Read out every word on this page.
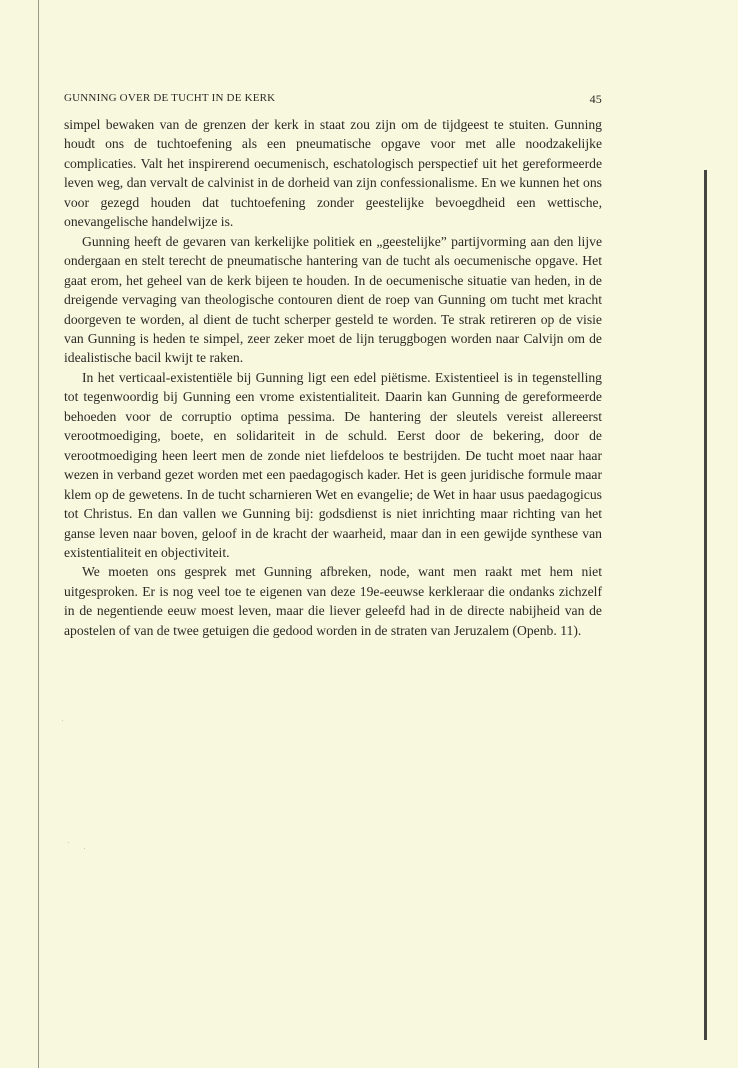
GUNNING OVER DE TUCHT IN DE KERK	45

simpel bewaken van de grenzen der kerk in staat zou zijn om de tijdgeest te stuiten. Gunning houdt ons de tuchtoefening als een pneumatische opgave voor met alle noodzakelijke complicaties. Valt het inspirerend oecumenisch, eschatologisch perspectief uit het gereformeerde leven weg, dan vervalt de calvinist in de dorheid van zijn confessionalisme. En we kunnen het ons voor gezegd houden dat tuchtoefening zonder geestelijke bevoegdheid een wettische, onevangelische handelwijze is.

Gunning heeft de gevaren van kerkelijke politiek en „geestelijke” partijvorming aan den lijve ondergaan en stelt terecht de pneumatische hantering van de tucht als oecumenische opgave. Het gaat erom, het geheel van de kerk bijeen te houden. In de oecumenische situatie van heden, in de dreigende vervaging van theologische contouren dient de roep van Gunning om tucht met kracht doorgeven te worden, al dient de tucht scherper gesteld te worden. Te strak retireren op de visie van Gunning is heden te simpel, zeer zeker moet de lijn teruggbogen worden naar Calvijn om de idealistische bacil kwijt te raken.

In het verticaal-existentiële bij Gunning ligt een edel piëtisme. Existentieel is in tegenstelling tot tegenwoordig bij Gunning een vrome existentialiteit. Daarin kan Gunning de gereformeerde behoeden voor de corruptio optima pessima. De hantering der sleutels vereist allereerst verootmoediging, boete, en solidariteit in de schuld. Eerst door de bekering, door de verootmoediging heen leert men de zonde niet liefdeloos te bestrijden. De tucht moet naar haar wezen in verband gezet worden met een paedagogisch kader. Het is geen juridische formule maar klem op de gewetens. In de tucht scharnieren Wet en evangelie; de Wet in haar usus paedagogicus tot Christus. En dan vallen we Gunning bij: godsdienst is niet inrichting maar richting van het ganse leven naar boven, geloof in de kracht der waarheid, maar dan in een gewijde synthese van existentialiteit en objectiviteit.

We moeten ons gesprek met Gunning afbreken, node, want men raakt met hem niet uitgesproken. Er is nog veel toe te eigenen van deze 19e-eeuwse kerkleraar die ondanks zichzelf in de negentiende eeuw moest leven, maar die liever geleefd had in de directe nabijheid van de apostelen of van de twee getuigen die gedood worden in de straten van Jeruzalem (Openb. 11).
